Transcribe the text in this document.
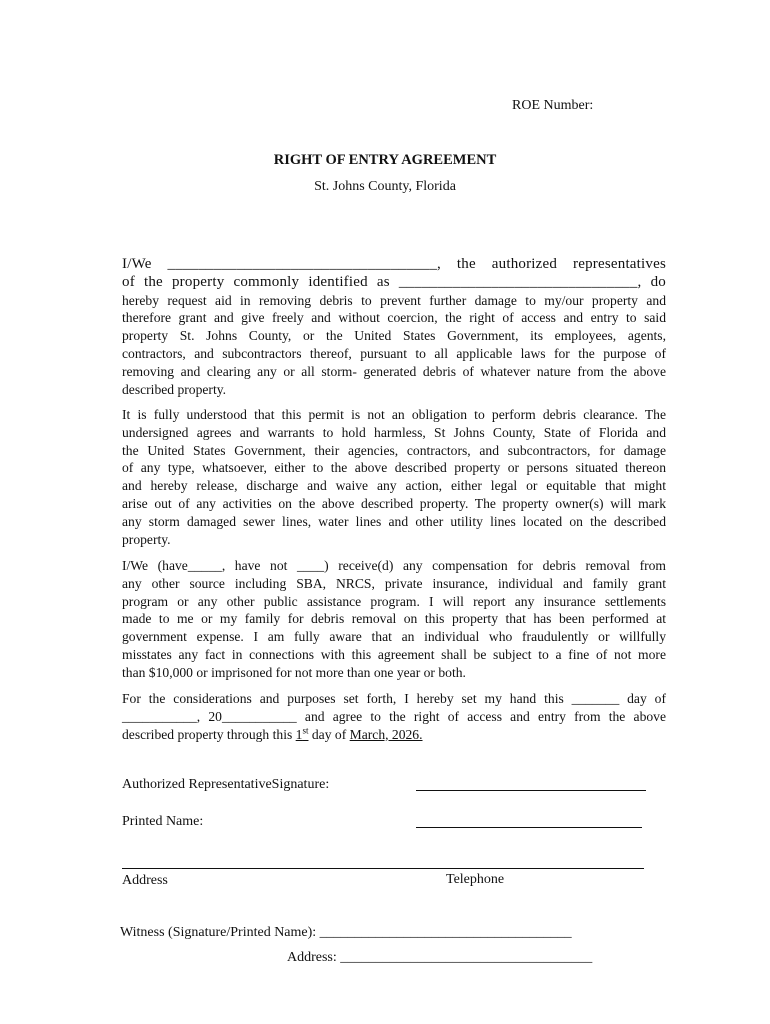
ROE Number:
RIGHT OF ENTRY AGREEMENT
St. Johns County, Florida
I/We ___________________________________, the authorized representatives
of the property commonly identified as _______________________________, do
hereby request aid in removing debris to prevent further damage to my/our property and
therefore grant and give freely and without coercion, the right of access and entry to said
property St. Johns County, or the United States Government, its employees, agents,
contractors, and subcontractors thereof, pursuant to all applicable laws for the purpose of
removing and clearing any or all storm- generated debris of whatever nature from the above
described property.
It is fully understood that this permit is not an obligation to perform debris clearance. The
undersigned agrees and warrants to hold harmless, St Johns County, State of Florida and
the United States Government, their agencies, contractors, and subcontractors, for damage
of any type, whatsoever, either to the above described property or persons situated thereon
and hereby release, discharge and waive any action, either legal or equitable that might
arise out of any activities on the above described property. The property owner(s) will mark
any storm damaged sewer lines, water lines and other utility lines located on the described
property.
I/We (have_____, have not ____) receive(d) any compensation for debris removal from
any other source including SBA, NRCS, private insurance, individual and family grant
program or any other public assistance program. I will report any insurance settlements
made to me or my family for debris removal on this property that has been performed at
government expense. I am fully aware that an individual who fraudulently or willfully
misstates any fact in connections with this agreement shall be subject to a fine of not more
than $10,000 or imprisoned for not more than one year or both.
For the considerations and purposes set forth, I hereby set my hand this _______ day of
___________, 20___________ and agree to the right of access and entry from the above
described property through this 1st day of March, 2026.
Authorized RepresentativeSignature:
Printed Name:
Address	Telephone
Witness (Signature/Printed Name): ____________________________________
Address: ____________________________________
